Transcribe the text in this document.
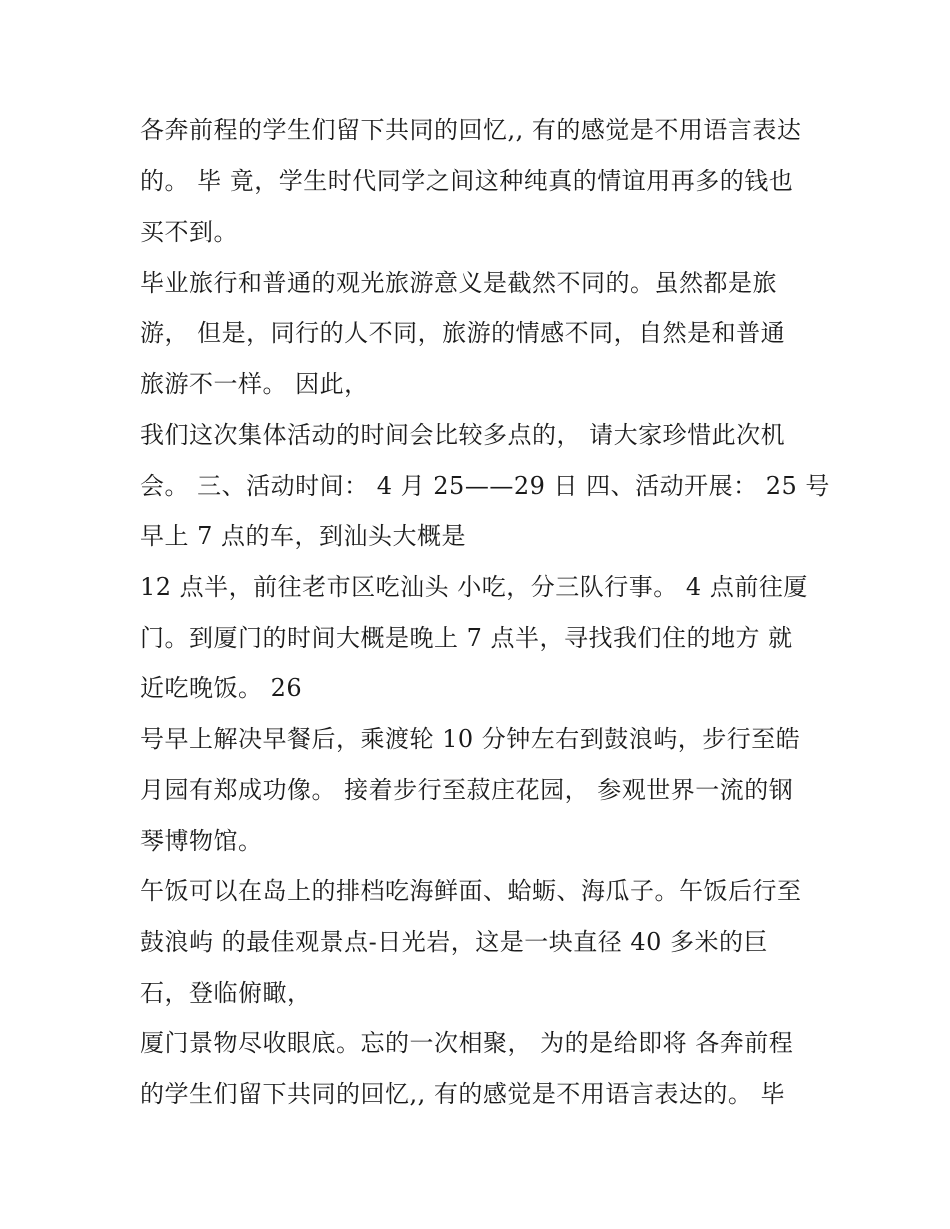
各奔前程的学生们留下共同的回忆,, 有的感觉是不用语言表达
的。 毕 竟，学生时代同学之间这种纯真的情谊用再多的钱也
买不到。
毕业旅行和普通的观光旅游意义是截然不同的。虽然都是旅
游， 但是，同行的人不同，旅游的情感不同，自然是和普通
旅游不一样。 因此，
我们这次集体活动的时间会比较多点的， 请大家珍惜此次机
会。 三、活动时间： 4 月 25——29 日 四、活动开展： 25 号
早上 7 点的车，到汕头大概是
12 点半，前往老市区吃汕头 小吃，分三队行事。 4 点前往厦
门。到厦门的时间大概是晚上 7 点半，寻找我们住的地方 就
近吃晚饭。 26
号早上解决早餐后，乘渡轮 10 分钟左右到鼓浪屿，步行至皓
月园有郑成功像。 接着步行至菽庄花园， 参观世界一流的钢
琴博物馆。
午饭可以在岛上的排档吃海鲜面、蛤蛎、海瓜子。午饭后行至
鼓浪屿 的最佳观景点-日光岩，这是一块直径 40 多米的巨
石，登临俯瞰，
厦门景物尽收眼底。忘的一次相聚， 为的是给即将 各奔前程
的学生们留下共同的回忆,, 有的感觉是不用语言表达的。 毕
